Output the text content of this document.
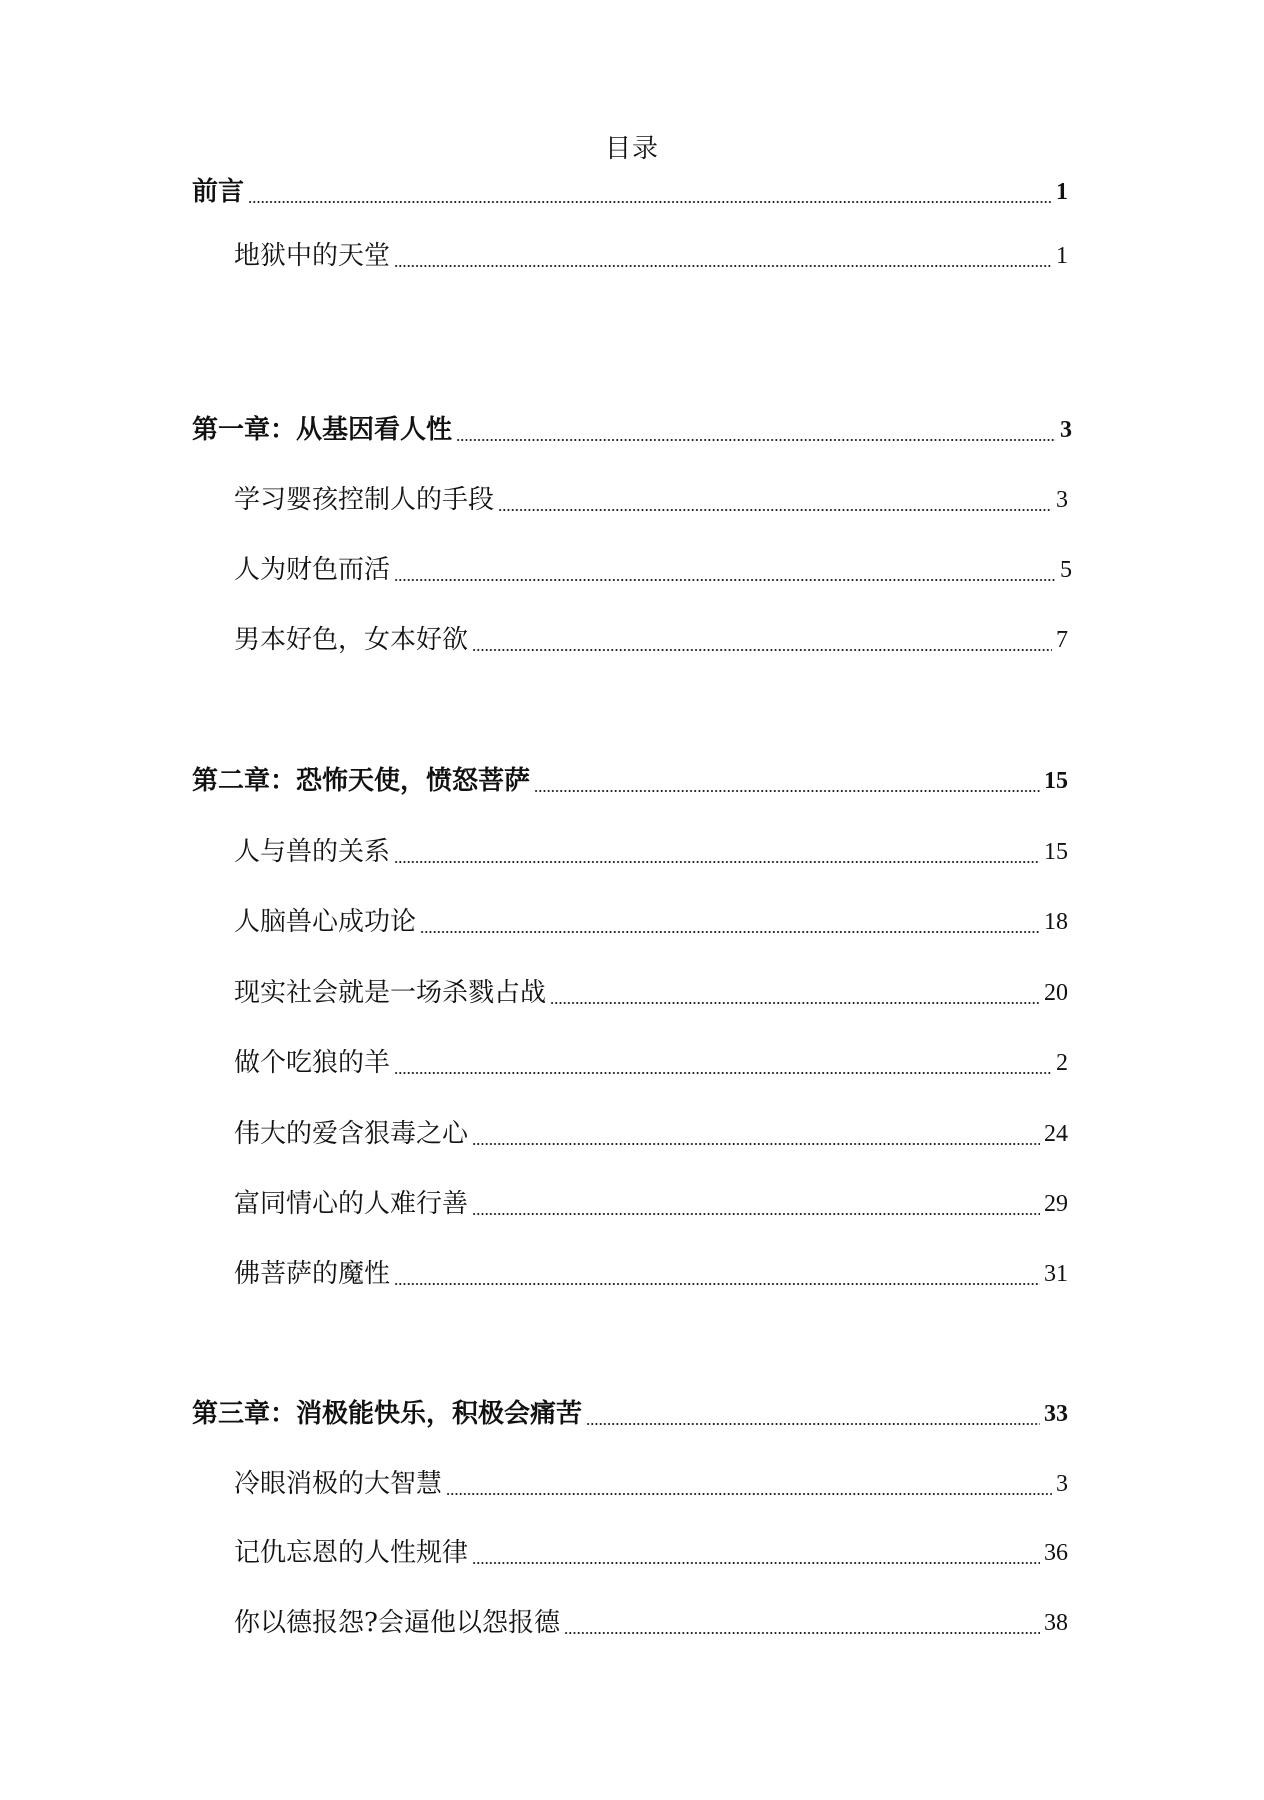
目录
前言	1
地狱中的天堂	1
第一章：从基因看人性	3
学习婴孩控制人的手段	3
人为财色而活	5
男本好色，女本好欲	7
第二章：恐怖天使，愤怒菩萨	15
人与兽的关系	15
人脑兽心成功论	18
现实社会就是一场杀戮占战	20
做个吃狼的羊	2
伟大的爱含狠毒之心	24
富同情心的人难行善	29
佛菩萨的魔性	31
第三章：消极能快乐，积极会痛苦	33
冷眼消极的大智慧	3
记仇忘恩的人性规律	36
你以德报怨?会逼他以怨报德	38
